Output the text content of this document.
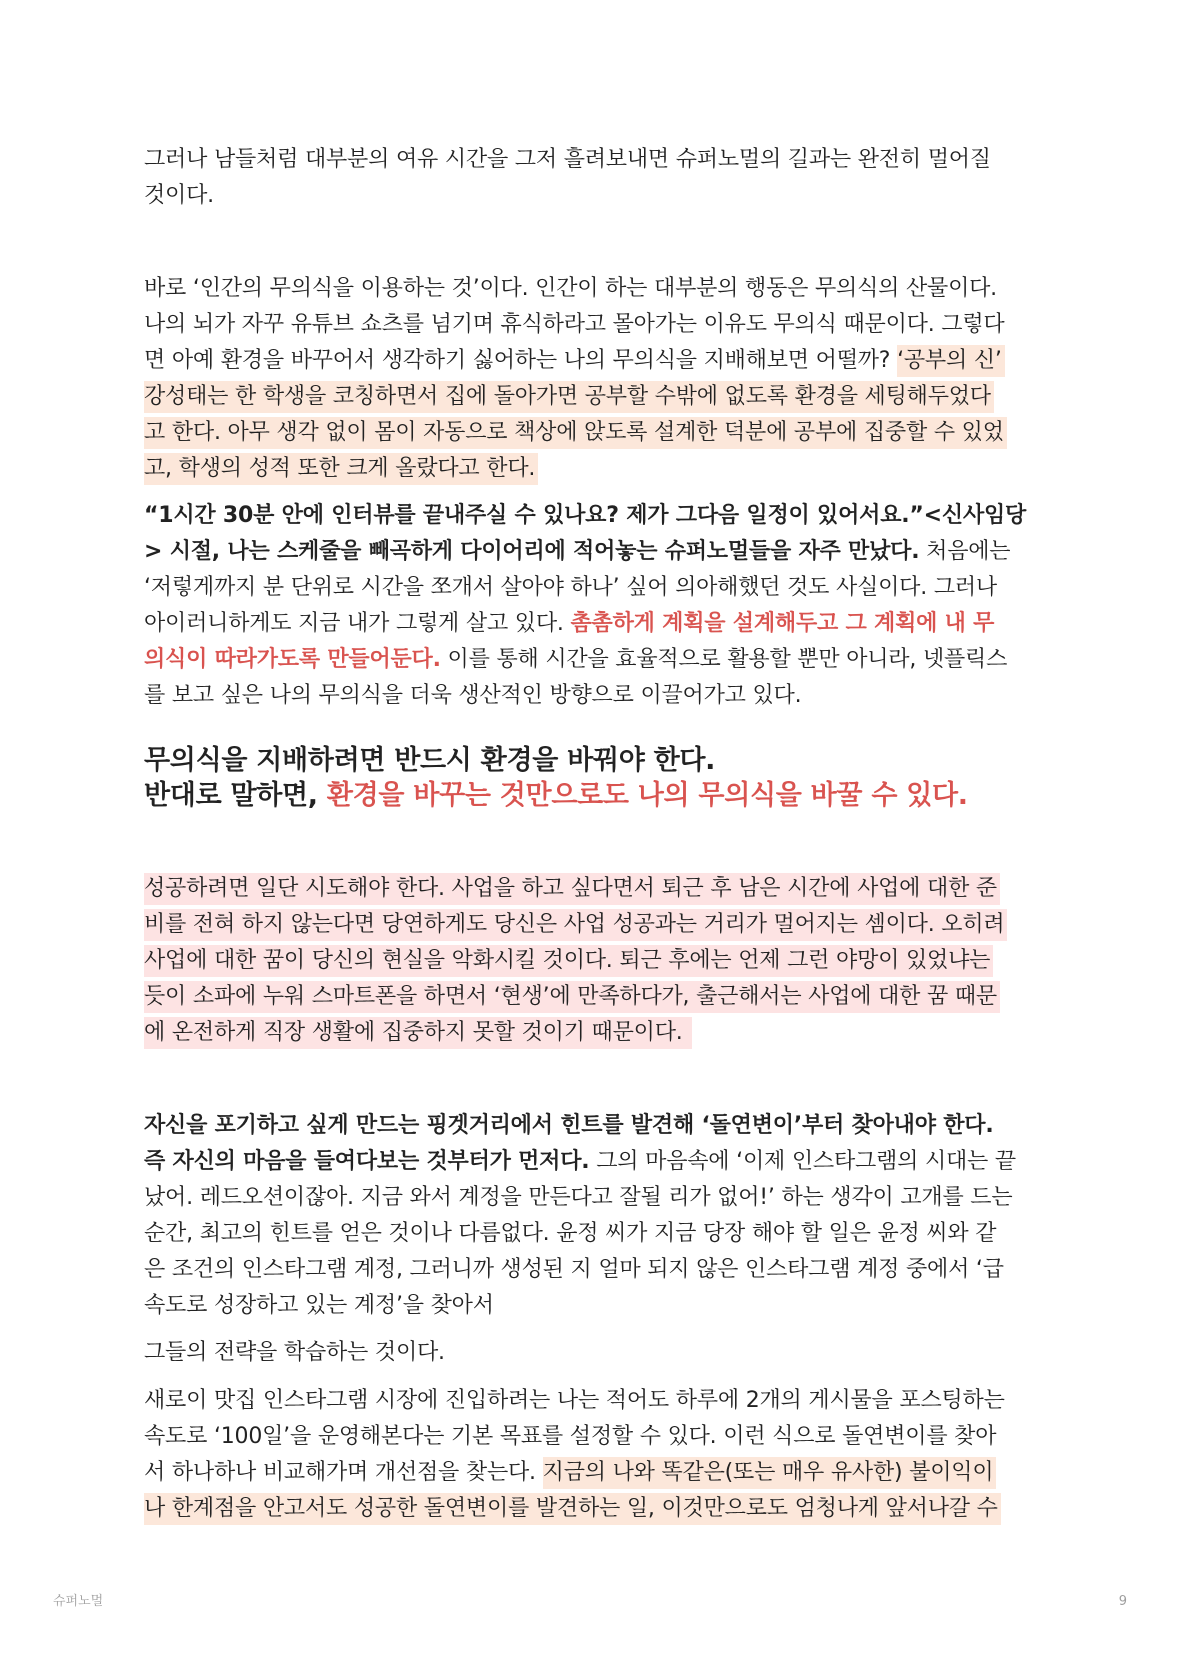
그러나 남들처럼 대부분의 여유 시간을 그저 흘려보내면 슈퍼노멀의 길과는 완전히 멀어질
것이다.
바로 ‘인간의 무의식을 이용하는 것’이다. 인간이 하는 대부분의 행동은 무의식의 산물이다.
나의 뇌가 자꾸 유튜브 쇼츠를 넘기며 휴식하라고 몰아가는 이유도 무의식 때문이다. 그렇다
면 아예 환경을 바꾸어서 생각하기 싫어하는 나의 무의식을 지배해보면 어떨까? ‘공부의 신’
강성태는 한 학생을 코칭하면서 집에 돌아가면 공부할 수밖에 없도록 환경을 세팅해두었다
고 한다. 아무 생각 없이 몸이 자동으로 책상에 앉도록 설계한 덕분에 공부에 집중할 수 있었
고, 학생의 성적 또한 크게 올랐다고 한다.
“1시간 30분 안에 인터뷰를 끝내주실 수 있나요? 제가 그다음 일정이 있어서요.”<신사임당
> 시절, 나는 스케줄을 빼곡하게 다이어리에 적어놓는 슈퍼노멀들을 자주 만났다. 처음에는
‘저렇게까지 분 단위로 시간을 쪼개서 살아야 하나’ 싶어 의아해했던 것도 사실이다. 그러나
아이러니하게도 지금 내가 그렇게 살고 있다. 촘촘하게 계획을 설계해두고 그 계획에 내 무
의식이 따라가도록 만들어둔다. 이를 통해 시간을 효율적으로 활용할 뿐만 아니라, 넷플릭스
를 보고 싶은 나의 무의식을 더욱 생산적인 방향으로 이끌어가고 있다.
무의식을 지배하려면 반드시 환경을 바꿔야 한다.
반대로 말하면, 환경을 바꾸는 것만으로도 나의 무의식을 바꿀 수 있다.
성공하려면 일단 시도해야 한다. 사업을 하고 싶다면서 퇴근 후 남은 시간에 사업에 대한 준
비를 전혀 하지 않는다면 당연하게도 당신은 사업 성공과는 거리가 멀어지는 셈이다. 오히려
사업에 대한 꿈이 당신의 현실을 악화시킬 것이다. 퇴근 후에는 언제 그런 야망이 있었냐는
듯이 소파에 누워 스마트폰을 하면서 ‘현생’에 만족하다가, 출근해서는 사업에 대한 꿈 때문
에 온전하게 직장 생활에 집중하지 못할 것이기 때문이다.
자신을 포기하고 싶게 만드는 핑겟거리에서 힌트를 발견해 ‘돌연변이’부터 찾아내야 한다.
즉 자신의 마음을 들여다보는 것부터가 먼저다. 그의 마음속에 ‘이제 인스타그램의 시대는 끝
났어. 레드오션이잖아. 지금 와서 계정을 만든다고 잘될 리가 없어!’ 하는 생각이 고개를 드는
순간, 최고의 힌트를 얻은 것이나 다름없다. 윤정 씨가 지금 당장 해야 할 일은 윤정 씨와 같
은 조건의 인스타그램 계정, 그러니까 생성된 지 얼마 되지 않은 인스타그램 계정 중에서 ‘급
속도로 성장하고 있는 계정’을 찾아서
그들의 전략을 학습하는 것이다.
새로이 맛집 인스타그램 시장에 진입하려는 나는 적어도 하루에 2개의 게시물을 포스팅하는
속도로 ‘100일’을 운영해본다는 기본 목표를 설정할 수 있다. 이런 식으로 돌연변이를 찾아
서 하나하나 비교해가며 개선점을 찾는다. 지금의 나와 똑같은(또는 매우 유사한) 불이익이
나 한계점을 안고서도 성공한 돌연변이를 발견하는 일, 이것만으로도 엄청나게 앞서나갈 수
슈퍼노멀	9
